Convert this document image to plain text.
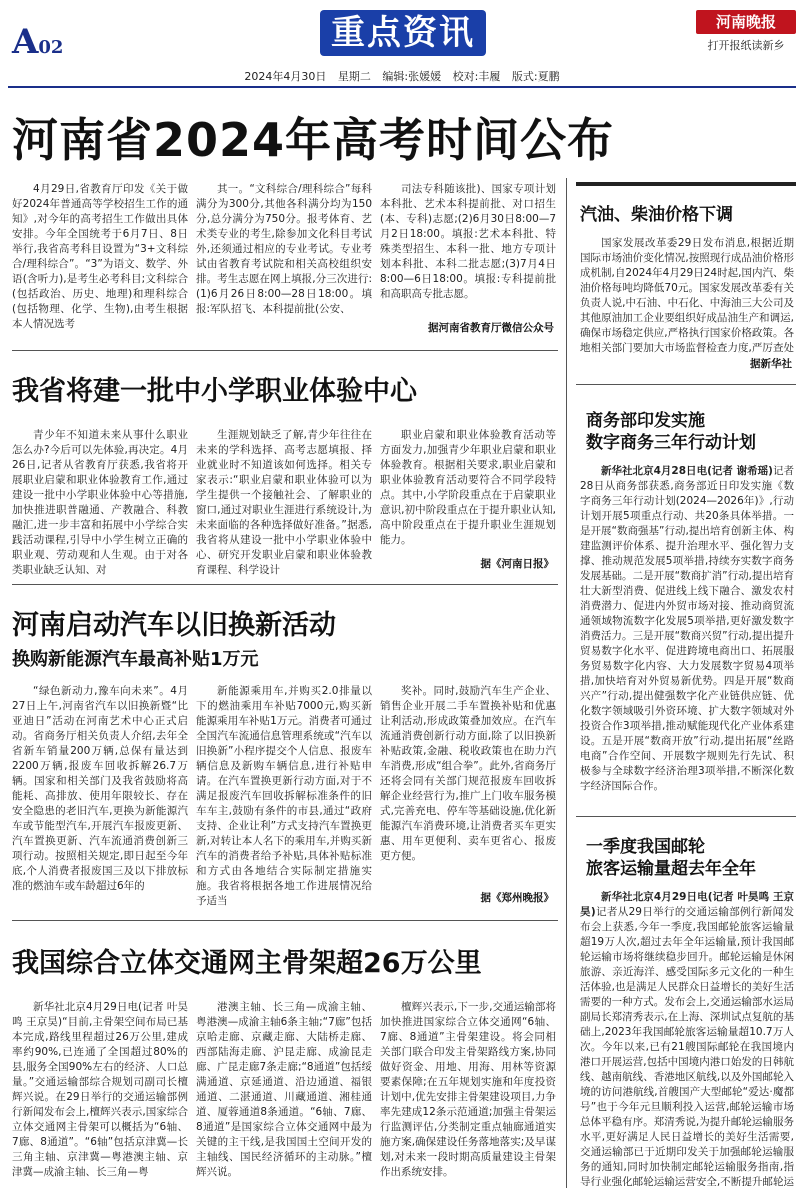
A02	重点资讯	河南晚报
打开报纸读新乡
2024年4月30日 星期二 编辑:张媛媛 校对:丰履 版式:夏鹏
河南省2024年高考时间公布

4月29日,省教育厅印发《关于做好2024年普通高等学校招生工作的通知》,对今年的高考招生工作做出具体安排。今年全国统考于6月7日、8日举行,我省高考科目设置为“3+文科综合/理科综合”。“3”为语文、数学、外语(含听力),是考生必考科目;文科综合(包括政治、历史、地理)和理科综合(包括物理、化学、生物),由考生根据本人情况选考

其一。“文科综合/理科综合”每科满分为300分,其他各科满分均为150分,总分满分为750分。报考体育、艺术类专业的考生,除参加文化科目考试外,还须通过相应的专业考试。专业考试由省教育考试院和相关高校组织安排。考生志愿在网上填报,分三次进行:(1)6月26日8:00—28日18:00。填报:军队招飞、本科提前批(公安、

司法专科随该批)、国家专项计划本科批、艺术本科提前批、对口招生(本、专科)志愿;(2)6月30日8:00—7月2日18:00。填报:艺术本科批、特殊类型招生、本科一批、地方专项计划本科批、本科二批志愿;(3)7月4日8:00—6日18:00。填报:专科提前批和高职高专批志愿。

据河南省教育厅微信公众号
汽油、柴油价格下调

国家发展改革委29日发布消息,根据近期国际市场油价变化情况,按照现行成品油价格形成机制,自2024年4月29日24时起,国内汽、柴油价格每吨均降低70元。国家发展改革委有关负责人说,中石油、中石化、中海油三大公司及其他原油加工企业要组织好成品油生产和调运,确保市场稳定供应,严格执行国家价格政策。各地相关部门要加大市场监督检查力度,严厉查处

据新华社
我省将建一批中小学职业体验中心

青少年不知道未来从事什么职业怎么办?今后可以先体验,再决定。4月26日,记者从省教育厅获悉,我省将开展职业启蒙和职业体验教育工作,通过建设一批中小学职业体验中心等措施,加快推进职普融通、产教融合、科教融汇,进一步丰富和拓展中小学综合实践活动课程,引导中小学生树立正确的职业观、劳动观和人生观。由于对各类职业缺乏认知、对

生涯规划缺乏了解,青少年往往在未来的学科选择、高考志愿填报、择业就业时不知道该如何选择。相关专家表示:“职业启蒙和职业体验可以为学生提供一个接触社会、了解职业的窗口,通过对职业生涯进行系统设计,为未来面临的各种选择做好准备。”据悉,我省将从建设一批中小学职业体验中心、研究开发职业启蒙和职业体验教育课程、科学设计

职业启蒙和职业体验教育活动等方面发力,加强青少年职业启蒙和职业体验教育。根据相关要求,职业启蒙和职业体验教育活动要符合不同学段特点。其中,小学阶段重点在于启蒙职业意识,初中阶段重点在于提升职业认知,高中阶段重点在于提升职业生涯规划能力。

据《河南日报》
商务部印发实施
数字商务三年行动计划

新华社北京4月28日电(记者 谢希瑶)记者28日从商务部获悉,商务部近日印发实施《数字商务三年行动计划(2024—2026年)》,行动计划开展5项重点行动、共20条具体举措。一是开展“数商强基”行动,提出培育创新主体、构建监测评价体系、提升治理水平、强化智力支撑、推动规范发展5项举措,持续夯实数字商务发展基础。二是开展“数商扩消”行动,提出培育壮大新型消费、促进线上线下融合、激发农村消费潜力、促进内外贸市场对接、推动商贸流通领域物流数字化发展5项举措,更好激发数字消费活力。三是开展“数商兴贸”行动,提出提升贸易数字化水平、促进跨境电商出口、拓展服务贸易数字化内容、大力发展数字贸易4项举措,加快培育对外贸易新优势。四是开展“数商兴产”行动,提出健强数字化产业链供应链、优化数字领域吸引外资环境、扩大数字领域对外投资合作3项举措,推动赋能现代化产业体系建设。五是开展“数商开放”行动,提出拓展“丝路电商”合作空间、开展数字规则先行先试、积极参与全球数字经济治理3项举措,不断深化数字经济国际合作。

河南启动汽车以旧换新活动
换购新能源汽车最高补贴1万元

“绿色新动力,豫车向未来”。4月27日上午,河南省汽车以旧换新暨“比亚迪日”活动在河南艺术中心正式启动。省商务厅相关负责人介绍,去年全省新车销量200万辆,总保有量达到2200万辆,报废车回收拆解26.7万辆。国家和相关部门及我省鼓励将高能耗、高排放、使用年限较长、存在安全隐患的老旧汽车,更换为新能源汽车或节能型汽车,开展汽车报废更新、汽车置换更新、汽车流通消费创新三项行动。按照相关规定,即日起至今年底,个人消费者报废国三及以下排放标准的燃油车或车龄超过6年的

新能源乘用车,并购买2.0排量以下的燃油乘用车补贴7000元,购买新能源乘用车补贴1万元。消费者可通过全国汽车流通信息管理系统或“汽车以旧换新”小程序提交个人信息、报废车辆信息及新购车辆信息,进行补贴申请。在汽车置换更新行动方面,对于不满足报废汽车回收拆解标准条件的旧车车主,鼓励有条件的市县,通过“政府支持、企业让利”方式支持汽车置换更新,对转让本人名下的乘用车,并购买新汽车的消费者给予补贴,具体补贴标准和方式由各地结合实际制定措施实施。我省将根据各地工作进展情况给予适当

奖补。同时,鼓励汽车生产企业、销售企业开展二手车置换补贴和优惠让利活动,形成政策叠加效应。在汽车流通消费创新行动方面,除了以旧换新补贴政策,金融、税收政策也在助力汽车消费,形成“组合拳”。此外,省商务厅还将会同有关部门规范报废车回收拆解企业经营行为,推广上门收车服务模式,完善充电、停车等基础设施,优化新能源汽车消费环境,让消费者买车更实惠、用车更便利、卖车更省心、报废更方便。

据《郑州晚报》
一季度我国邮轮
旅客运输量超去年全年

新华社北京4月29日电(记者 叶昊鸣 王京昊)记者从29日举行的交通运输部例行新闻发布会上获悉,今年一季度,我国邮轮旅客运输量超19万人次,超过去年全年运输量,预计我国邮轮运输市场将继续稳步回升。邮轮运输是休闲旅游、亲近海洋、感受国际多元文化的一种生活体验,也是满足人民群众日益增长的美好生活需要的一种方式。发布会上,交通运输部水运局副局长郑清秀表示,在上海、深圳试点复航的基础上,2023年我国邮轮旅客运输量超10.7万人次。今年以来,已有21艘国际邮轮在我国境内港口开展运营,包括中国境内港口始发的日韩航线、越南航线、香港地区航线,以及外国邮轮入境的访问港航线,首艘国产大型邮轮“爱达·魔都号”也于今年元旦顺利投入运营,邮轮运输市场总体平稳有序。郑清秀说,为提升邮轮运输服务水平,更好满足人民日益增长的美好生活需要,交通运输部已于近期印发关于加强邮轮运输服务的通知,同时加快制定邮轮运输服务指南,指导行业强化邮轮运输运营安全,不断提升邮轮运

我国综合立体交通网主骨架超26万公里

新华社北京4月29日电(记者 叶昊鸣 王京昊)“目前,主骨架空间布局已基本完成,路线里程超过26万公里,建成率约90%,已连通了全国超过80%的县,服务全国90%左右的经济、人口总量。”交通运输部综合规划司副司长檀辉兴说。在29日举行的交通运输部例行新闻发布会上,檀辉兴表示,国家综合立体交通网主骨架可以概括为“6轴、7廊、8通道”。“6轴”包括京津冀—长三角主轴、京津冀—粤港澳主轴、京津冀—成渝主轴、长三角—粤

港澳主轴、长三角—成渝主轴、粤港澳—成渝主轴6条主轴;“7廊”包括京哈走廊、京藏走廊、大陆桥走廊、西部陆海走廊、沪昆走廊、成渝昆走廊、广昆走廊7条走廊;“8通道”包括绥满通道、京延通道、沿边通道、福银通道、二湛通道、川藏通道、湘桂通道、厦蓉通道8条通道。“6轴、7廊、8通道”是国家综合立体交通网中最为关键的主干线,是我国国土空间开发的主轴线、国民经济循环的主动脉。”檀辉兴说。

檀辉兴表示,下一步,交通运输部将加快推进国家综合立体交通网“6轴、7廊、8通道”主骨架建设。将会同相关部门联合印发主骨架路线方案,协同做好资金、用地、用海、用林等资源要素保障;在五年规划实施和年度投资计划中,优先安排主骨架建设项目,力争率先建成12条示范通道;加强主骨架运行监测评估,分类制定重点轴廊通道实施方案,确保建设任务落地落实;及早谋划,对未来一段时期高质量建设主骨架作出系统安排。
